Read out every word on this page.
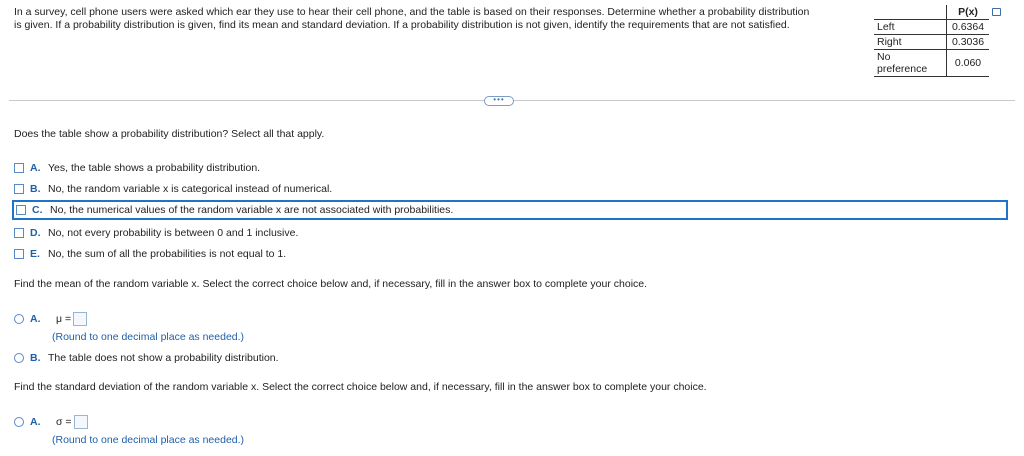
In a survey, cell phone users were asked which ear they use to hear their cell phone, and the table is based on their responses. Determine whether a probability distribution
is given. If a probability distribution is given, find its mean and standard deviation. If a probability distribution is not given, identify the requirements that are not satisfied.
	P(x)
Left	0.6364
Right	0.3036

No
preference	0.060
•••
Does the table show a probability distribution? Select all that apply.
A. Yes, the table shows a probability distribution.
B. No, the random variable x is categorical instead of numerical.
C. No, the numerical values of the random variable x are not associated with probabilities.
D. No, not every probability is between 0 and 1 inclusive.
E. No, the sum of all the probabilities is not equal to 1.
Find the mean of the random variable x. Select the correct choice below and, if necessary, fill in the answer box to complete your choice.
A.	μ =
(Round to one decimal place as needed.)
B. The table does not show a probability distribution.
Find the standard deviation of the random variable x. Select the correct choice below and, if necessary, fill in the answer box to complete your choice.
A.	σ =
(Round to one decimal place as needed.)
